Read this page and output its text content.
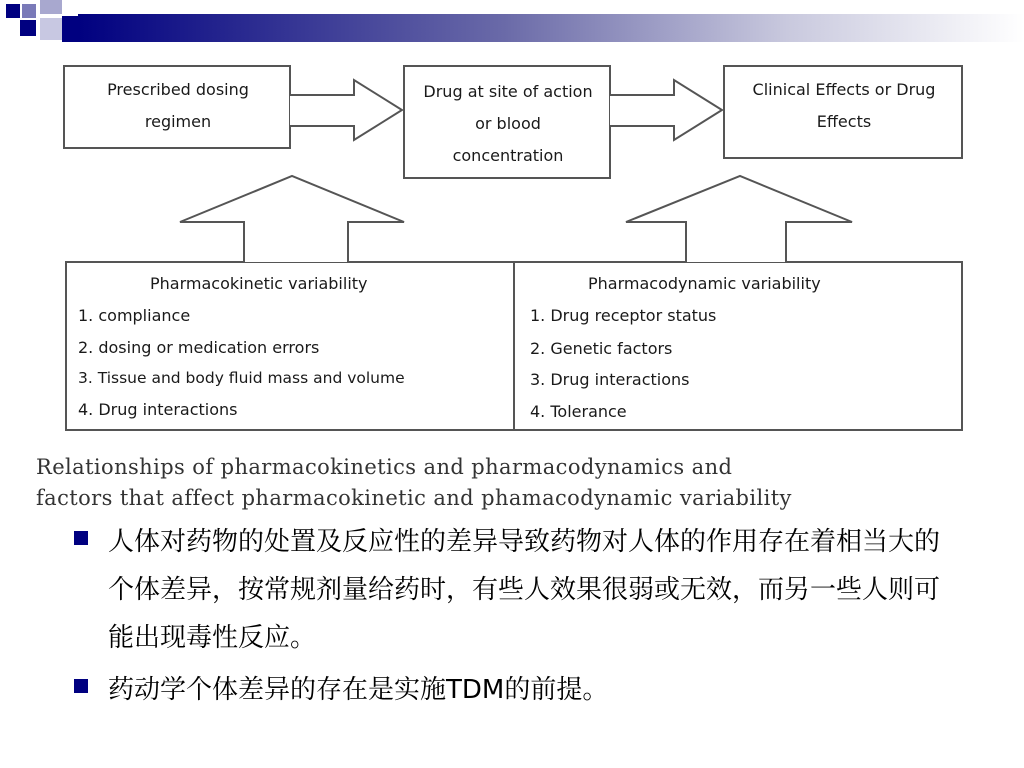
Prescribed dosing regimen
Drug at site of action or blood concentration
Clinical Effects or Drug Effects
Pharmacokinetic variability
1. compliance
2. dosing or medication errors
3. Tissue and body fluid mass and volume
4. Drug interactions
Pharmacodynamic variability
1. Drug receptor status
2. Genetic factors
3. Drug interactions
4. Tolerance
Relationships of pharmacokinetics and pharmacodynamics and
factors that affect pharmacokinetic and phamacodynamic variability
人体对药物的处置及反应性的差异导致药物对人体的作用存在着相当大的个体差异，按常规剂量给药时，有些人效果很弱或无效，而另一些人则可能出现毒性反应。
药动学个体差异的存在是实施TDM的前提。
